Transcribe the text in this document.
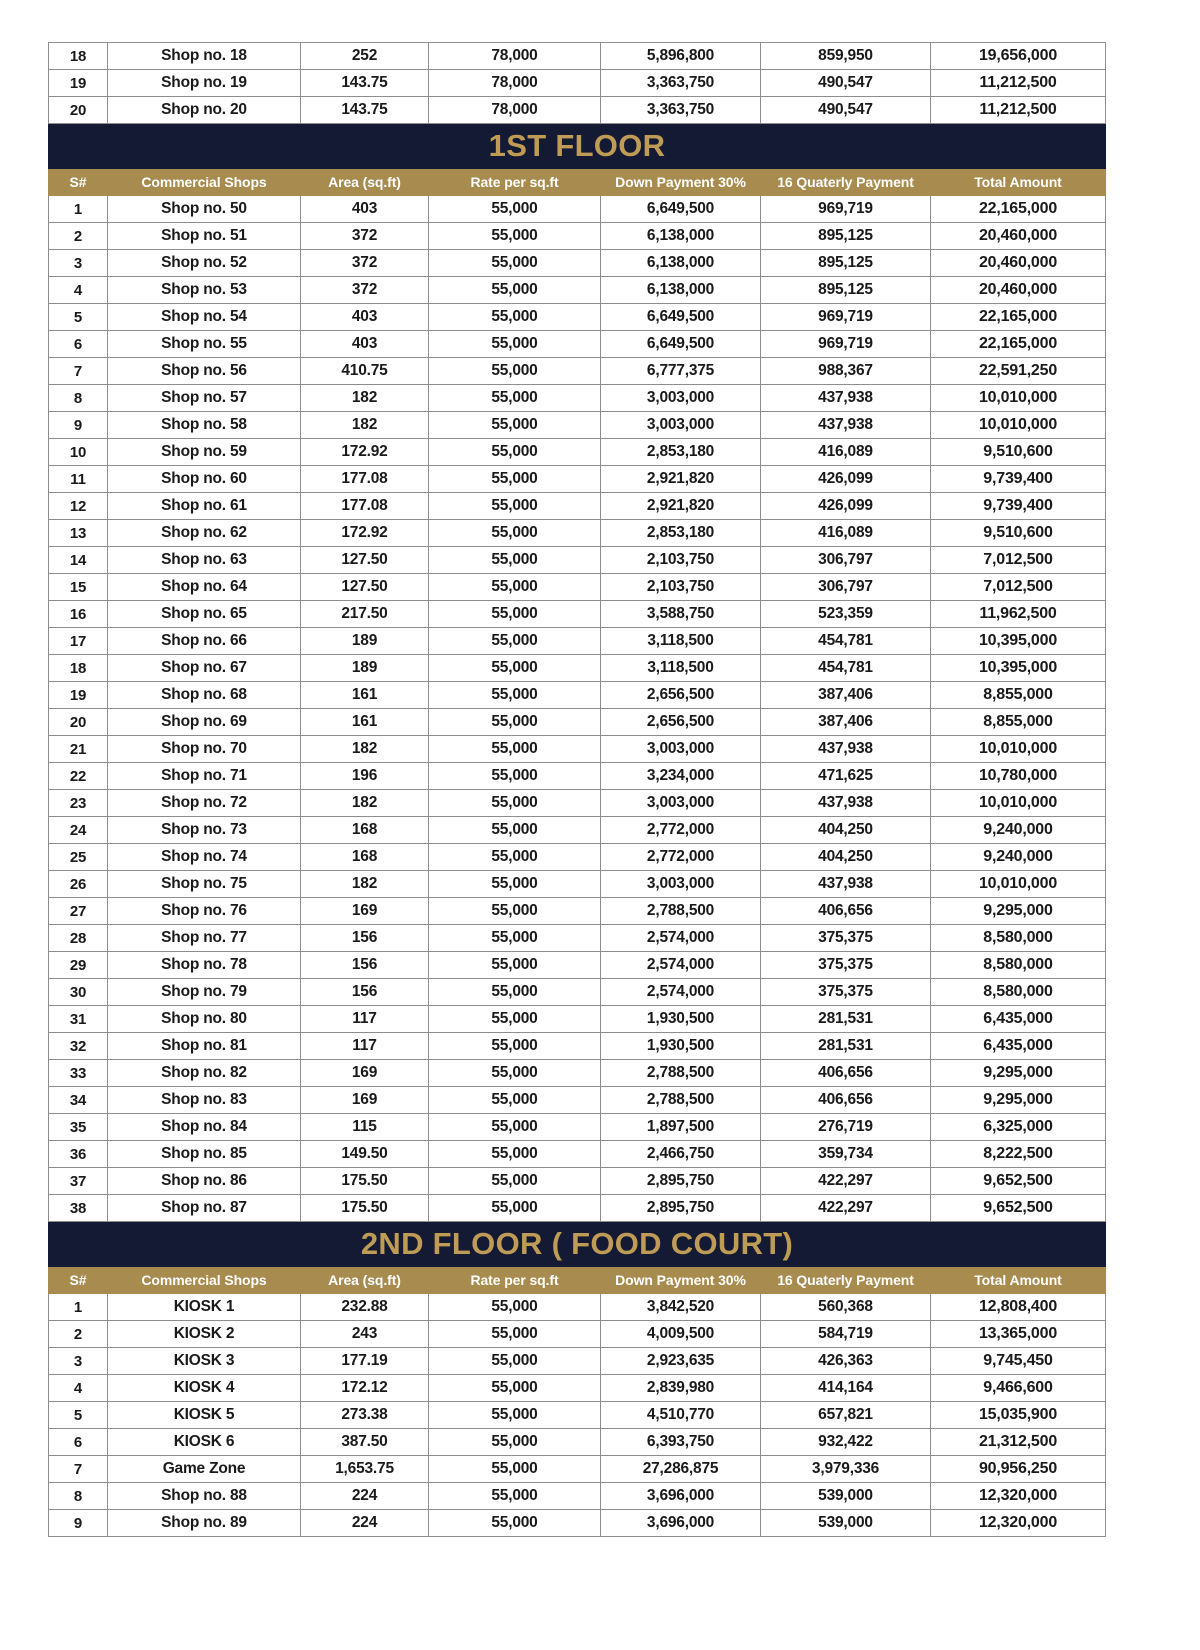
18	Shop no. 18	252	78,000	5,896,800	859,950	19,656,000
19	Shop no. 19	143.75	78,000	3,363,750	490,547	11,212,500
20	Shop no. 20	143.75	78,000	3,363,750	490,547	11,212,500

1ST FLOOR						

S#	Commercial Shops	Area (sq.ft)	Rate per sq.ft	Down Payment 30%	16 Quaterly Payment	Total Amount
1	Shop no. 50	403	55,000	6,649,500	969,719	22,165,000
2	Shop no. 51	372	55,000	6,138,000	895,125	20,460,000
3	Shop no. 52	372	55,000	6,138,000	895,125	20,460,000
4	Shop no. 53	372	55,000	6,138,000	895,125	20,460,000
5	Shop no. 54	403	55,000	6,649,500	969,719	22,165,000
6	Shop no. 55	403	55,000	6,649,500	969,719	22,165,000
7	Shop no. 56	410.75	55,000	6,777,375	988,367	22,591,250
8	Shop no. 57	182	55,000	3,003,000	437,938	10,010,000
9	Shop no. 58	182	55,000	3,003,000	437,938	10,010,000
10	Shop no. 59	172.92	55,000	2,853,180	416,089	9,510,600
11	Shop no. 60	177.08	55,000	2,921,820	426,099	9,739,400
12	Shop no. 61	177.08	55,000	2,921,820	426,099	9,739,400
13	Shop no. 62	172.92	55,000	2,853,180	416,089	9,510,600
14	Shop no. 63	127.50	55,000	2,103,750	306,797	7,012,500
15	Shop no. 64	127.50	55,000	2,103,750	306,797	7,012,500
16	Shop no. 65	217.50	55,000	3,588,750	523,359	11,962,500
17	Shop no. 66	189	55,000	3,118,500	454,781	10,395,000
18	Shop no. 67	189	55,000	3,118,500	454,781	10,395,000
19	Shop no. 68	161	55,000	2,656,500	387,406	8,855,000
20	Shop no. 69	161	55,000	2,656,500	387,406	8,855,000
21	Shop no. 70	182	55,000	3,003,000	437,938	10,010,000
22	Shop no. 71	196	55,000	3,234,000	471,625	10,780,000
23	Shop no. 72	182	55,000	3,003,000	437,938	10,010,000
24	Shop no. 73	168	55,000	2,772,000	404,250	9,240,000
25	Shop no. 74	168	55,000	2,772,000	404,250	9,240,000
26	Shop no. 75	182	55,000	3,003,000	437,938	10,010,000
27	Shop no. 76	169	55,000	2,788,500	406,656	9,295,000
28	Shop no. 77	156	55,000	2,574,000	375,375	8,580,000
29	Shop no. 78	156	55,000	2,574,000	375,375	8,580,000
30	Shop no. 79	156	55,000	2,574,000	375,375	8,580,000
31	Shop no. 80	117	55,000	1,930,500	281,531	6,435,000
32	Shop no. 81	117	55,000	1,930,500	281,531	6,435,000
33	Shop no. 82	169	55,000	2,788,500	406,656	9,295,000
34	Shop no. 83	169	55,000	2,788,500	406,656	9,295,000
35	Shop no. 84	115	55,000	1,897,500	276,719	6,325,000
36	Shop no. 85	149.50	55,000	2,466,750	359,734	8,222,500
37	Shop no. 86	175.50	55,000	2,895,750	422,297	9,652,500
38	Shop no. 87	175.50	55,000	2,895,750	422,297	9,652,500

2ND FLOOR ( FOOD COURT)						

S#	Commercial Shops	Area (sq.ft)	Rate per sq.ft	Down Payment 30%	16 Quaterly Payment	Total Amount
1	KIOSK 1	232.88	55,000	3,842,520	560,368	12,808,400
2	KIOSK 2	243	55,000	4,009,500	584,719	13,365,000
3	KIOSK 3	177.19	55,000	2,923,635	426,363	9,745,450
4	KIOSK 4	172.12	55,000	2,839,980	414,164	9,466,600
5	KIOSK 5	273.38	55,000	4,510,770	657,821	15,035,900
6	KIOSK 6	387.50	55,000	6,393,750	932,422	21,312,500
7	Game Zone	1,653.75	55,000	27,286,875	3,979,336	90,956,250
8	Shop no. 88	224	55,000	3,696,000	539,000	12,320,000
9	Shop no. 89	224	55,000	3,696,000	539,000	12,320,000
